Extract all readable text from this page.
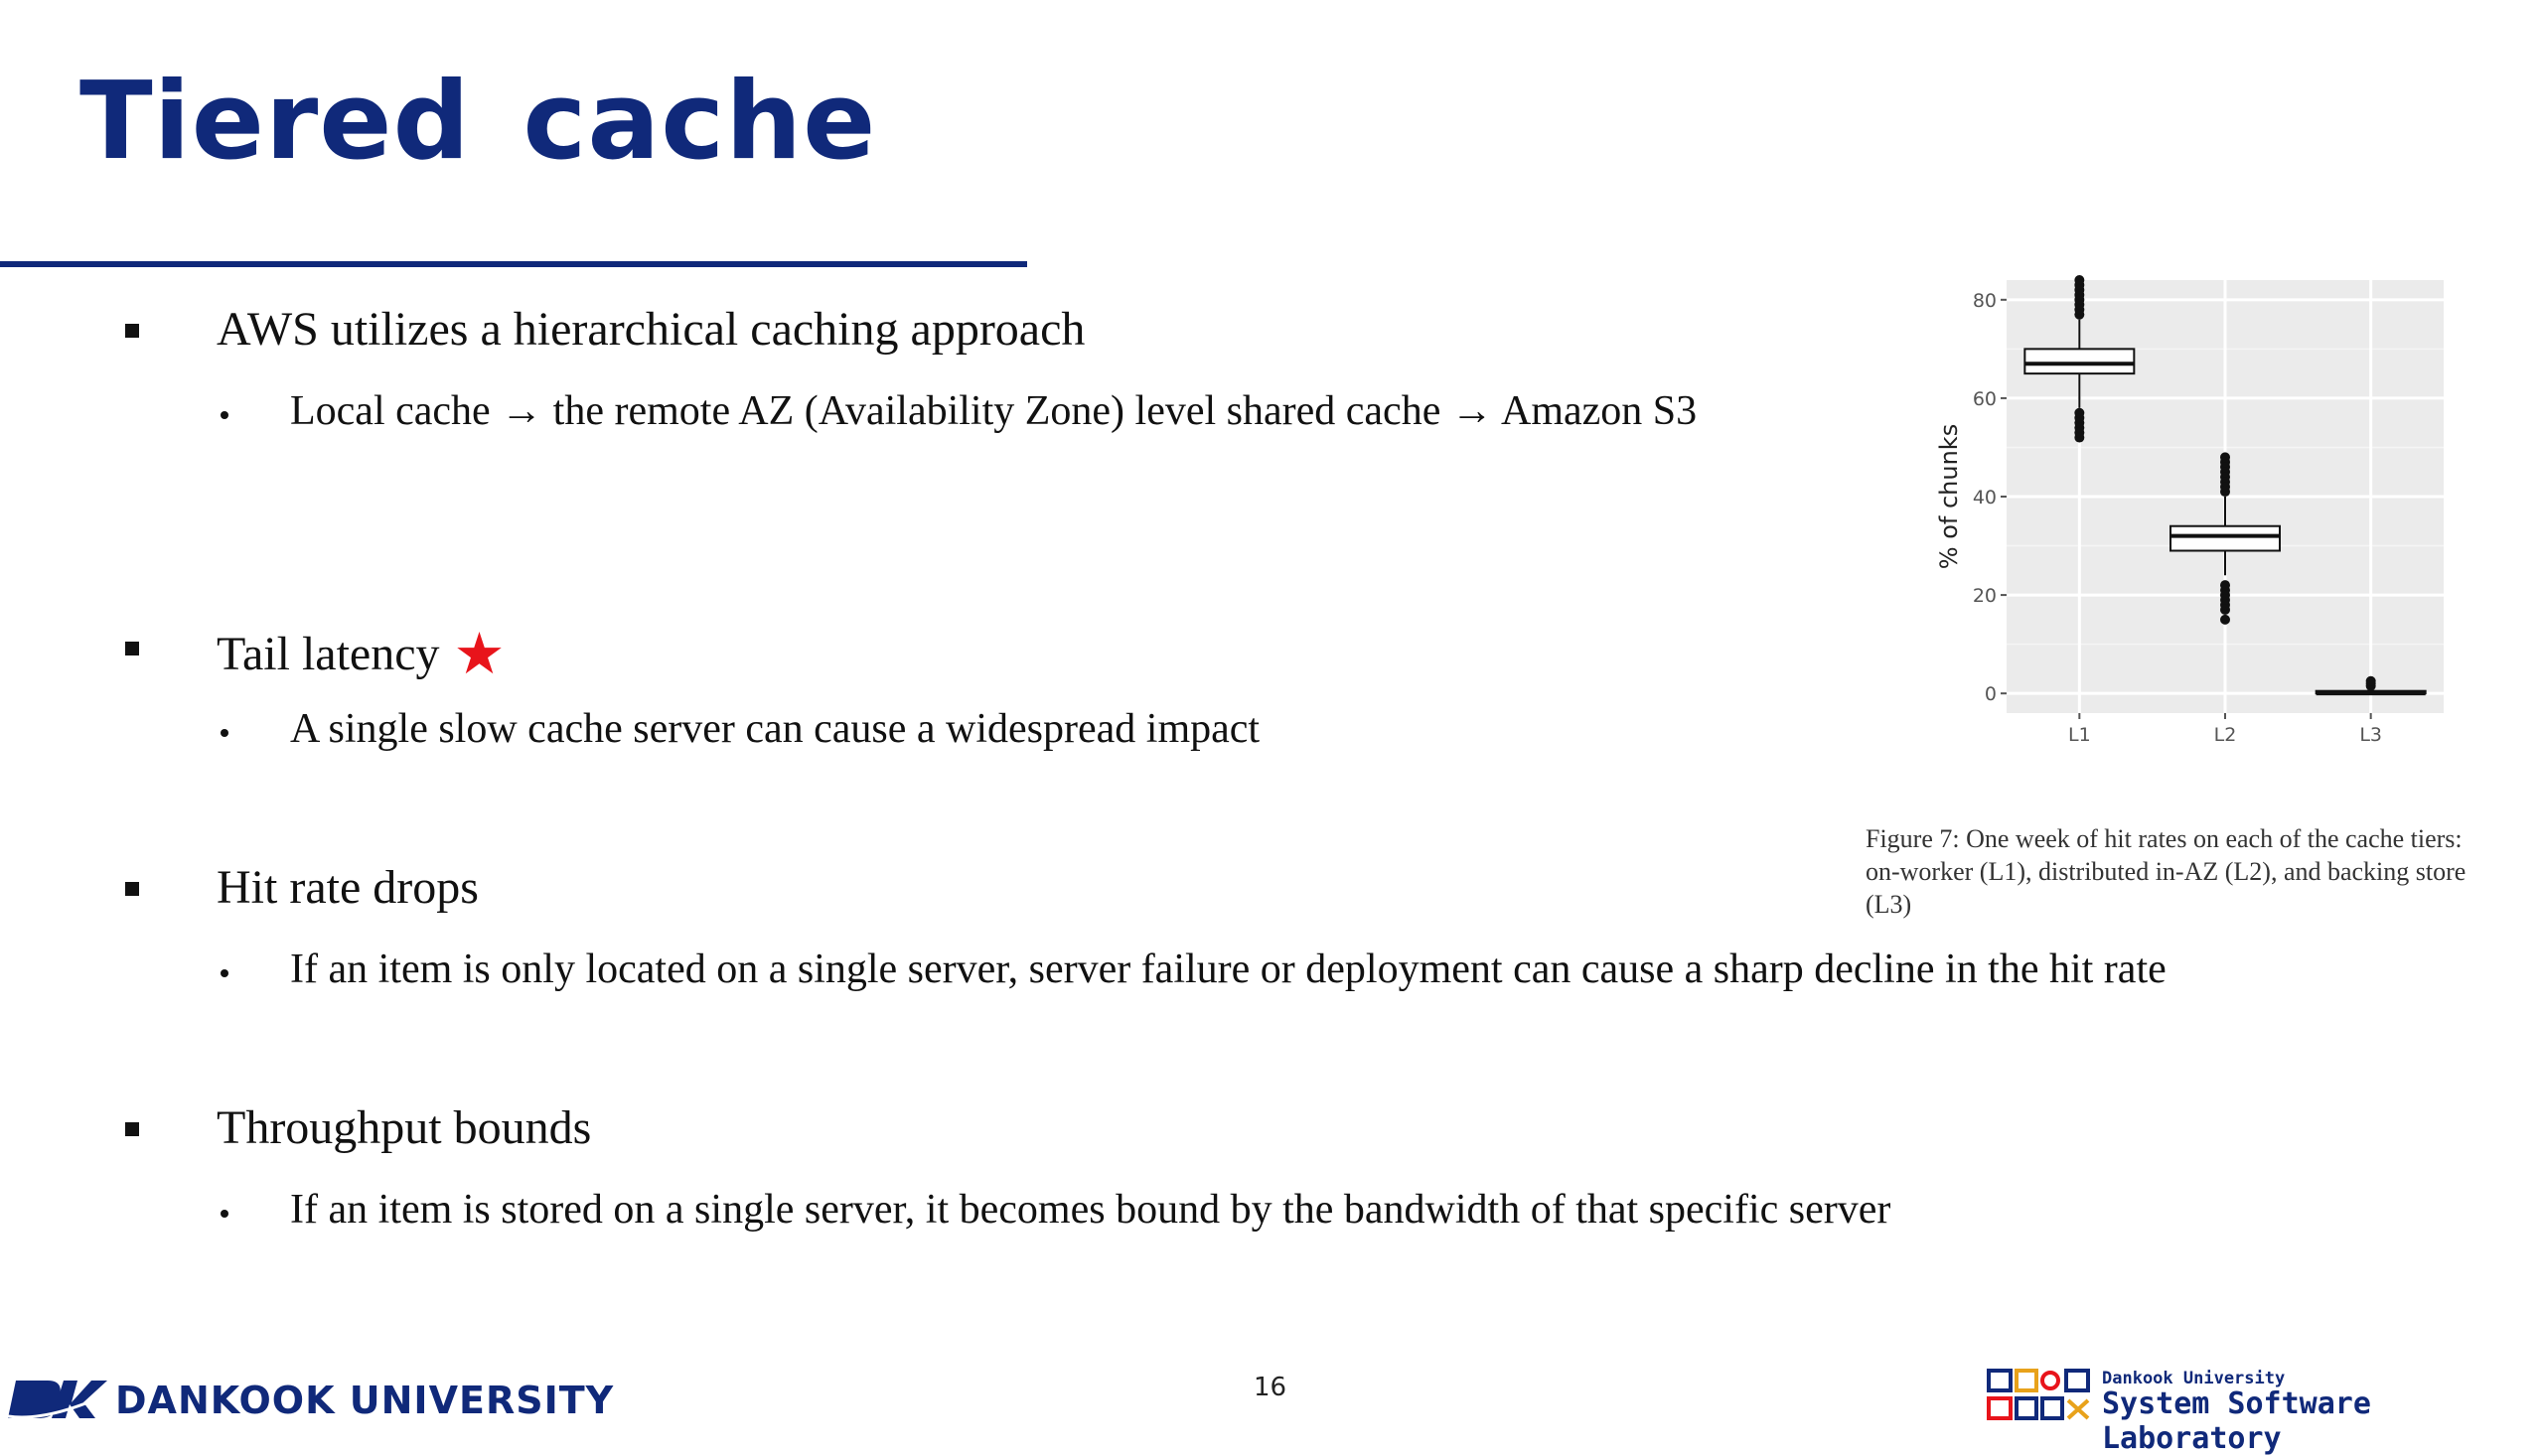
Tiered cache
AWS utilizes a hierarchical caching approach
Local cache → the remote AZ (Availability Zone) level shared cache → Amazon S3
Tail latency ★
A single slow cache server can cause a widespread impact
Hit rate drops
If an item is only located on a single server, server failure or deployment can cause a sharp decline in the hit rate
Throughput bounds
If an item is stored on a single server, it becomes bound by the bandwidth of that specific server
0
20
40
60
80
L1	L2	L3
% of chunks
Figure 7: One week of hit rates on each of the cache tiers:
on-worker (L1), distributed in-AZ (L2), and backing store
(L3)
DANKOOK UNIVERSITY	16	Dankook University
System Software Laboratory
